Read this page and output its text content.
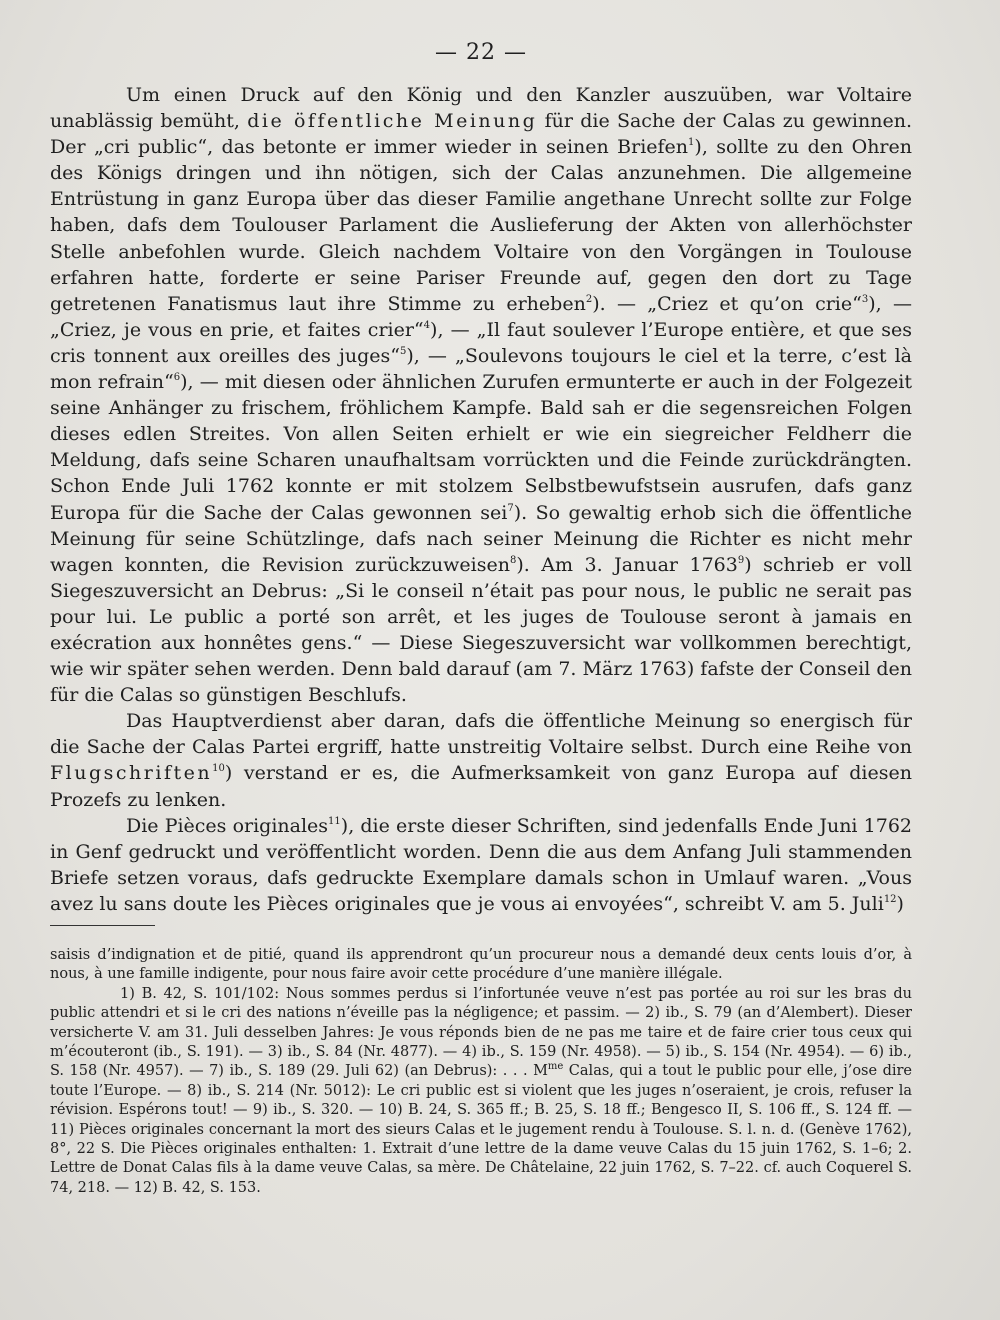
— 22 —

Um einen Druck auf den König und den Kanzler auszuüben, war Voltaire unablässig bemüht, die öffentliche Meinung für die Sache der Calas zu gewinnen. Der „cri public“, das betonte er immer wieder in seinen Briefen$^1$), sollte zu den Ohren des Königs dringen und ihn nötigen, sich der Calas anzunehmen. Die allgemeine Entrüstung in ganz Europa über das dieser Familie angethane Unrecht sollte zur Folge haben, dafs dem Toulouser Parlament die Auslieferung der Akten von allerhöchster Stelle anbefohlen wurde. Gleich nachdem Voltaire von den Vorgängen in Toulouse erfahren hatte, forderte er seine Pariser Freunde auf, gegen den dort zu Tage getretenen Fanatismus laut ihre Stimme zu erheben$^2$). — „Criez et qu’on crie“$^3$), — „Criez, je vous en prie, et faites crier“$^4$), — „Il faut soulever l’Europe entière, et que ses cris tonnent aux oreilles des juges“$^5$), — „Soulevons toujours le ciel et la terre, c’est là mon refrain“$^6$), — mit diesen oder ähnlichen Zurufen ermunterte er auch in der Folgezeit seine Anhänger zu frischem, fröhlichem Kampfe. Bald sah er die segensreichen Folgen dieses edlen Streites. Von allen Seiten erhielt er wie ein siegreicher Feldherr die Meldung, dafs seine Scharen unaufhaltsam vorrückten und die Feinde zurückdrängten. Schon Ende Juli 1762 konnte er mit stolzem Selbstbewufstsein ausrufen, dafs ganz Europa für die Sache der Calas gewonnen sei$^7$). So gewaltig erhob sich die öffentliche Meinung für seine Schützlinge, dafs nach seiner Meinung die Richter es nicht mehr wagen konnten, die Revision zurückzuweisen$^8$). Am 3. Januar 1763$^9$) schrieb er voll Siegeszuversicht an Debrus: „Si le conseil n’était pas pour nous, le public ne serait pas pour lui. Le public a porté son arrêt, et les juges de Toulouse seront à jamais en exécration aux honnêtes gens.“ — Diese Siegeszuversicht war vollkommen berechtigt, wie wir später sehen werden. Denn bald darauf (am 7. März 1763) fafste der Conseil den für die Calas so günstigen Beschlufs.

Das Hauptverdienst aber daran, dafs die öffentliche Meinung so energisch für die Sache der Calas Partei ergriff, hatte unstreitig Voltaire selbst. Durch eine Reihe von Flugschriften$^{10}$) verstand er es, die Aufmerksamkeit von ganz Europa auf diesen Prozefs zu lenken.

Die Pièces originales$^{11}$), die erste dieser Schriften, sind jedenfalls Ende Juni 1762 in Genf gedruckt und veröffentlicht worden. Denn die aus dem Anfang Juli stammenden Briefe setzen voraus, dafs gedruckte Exemplare damals schon in Umlauf waren. „Vous avez lu sans doute les Pièces originales que je vous ai envoyées“, schreibt V. am 5. Juli$^{12}$)

saisis d’indignation et de pitié, quand ils apprendront qu’un procureur nous a demandé deux cents louis d’or, à nous, à une famille indigente, pour nous faire avoir cette procédure d’une manière illégale.

1) B. 42, S. 101/102: Nous sommes perdus si l’infortunée veuve n’est pas portée au roi sur les bras du public attendri et si le cri des nations n’éveille pas la négligence; et passim. — 2) ib., S. 79 (an d’Alembert). Dieser versicherte V. am 31. Juli desselben Jahres: Je vous réponds bien de ne pas me taire et de faire crier tous ceux qui m’écouteront (ib., S. 191). — 3) ib., S. 84 (Nr. 4877). — 4) ib., S. 159 (Nr. 4958). — 5) ib., S. 154 (Nr. 4954). — 6) ib., S. 158 (Nr. 4957). — 7) ib., S. 189 (29. Juli 62) (an Debrus): . . . M$^{me}$ Calas, qui a tout le public pour elle, j’ose dire toute l’Europe. — 8) ib., S. 214 (Nr. 5012): Le cri public est si violent que les juges n’oseraient, je crois, refuser la révision. Espérons tout! — 9) ib., S. 320. — 10) B. 24, S. 365 ff.; B. 25, S. 18 ff.; Bengesco II, S. 106 ff., S. 124 ff. — 11) Pièces originales concernant la mort des sieurs Calas et le jugement rendu à Toulouse. S. l. n. d. (Genève 1762), 8°, 22 S. Die Pièces originales enthalten: 1. Extrait d’une lettre de la dame veuve Calas du 15 juin 1762, S. 1–6; 2. Lettre de Donat Calas fils à la dame veuve Calas, sa mère. De Châtelaine, 22 juin 1762, S. 7–22. cf. auch Coquerel S. 74, 218. — 12) B. 42, S. 153.
